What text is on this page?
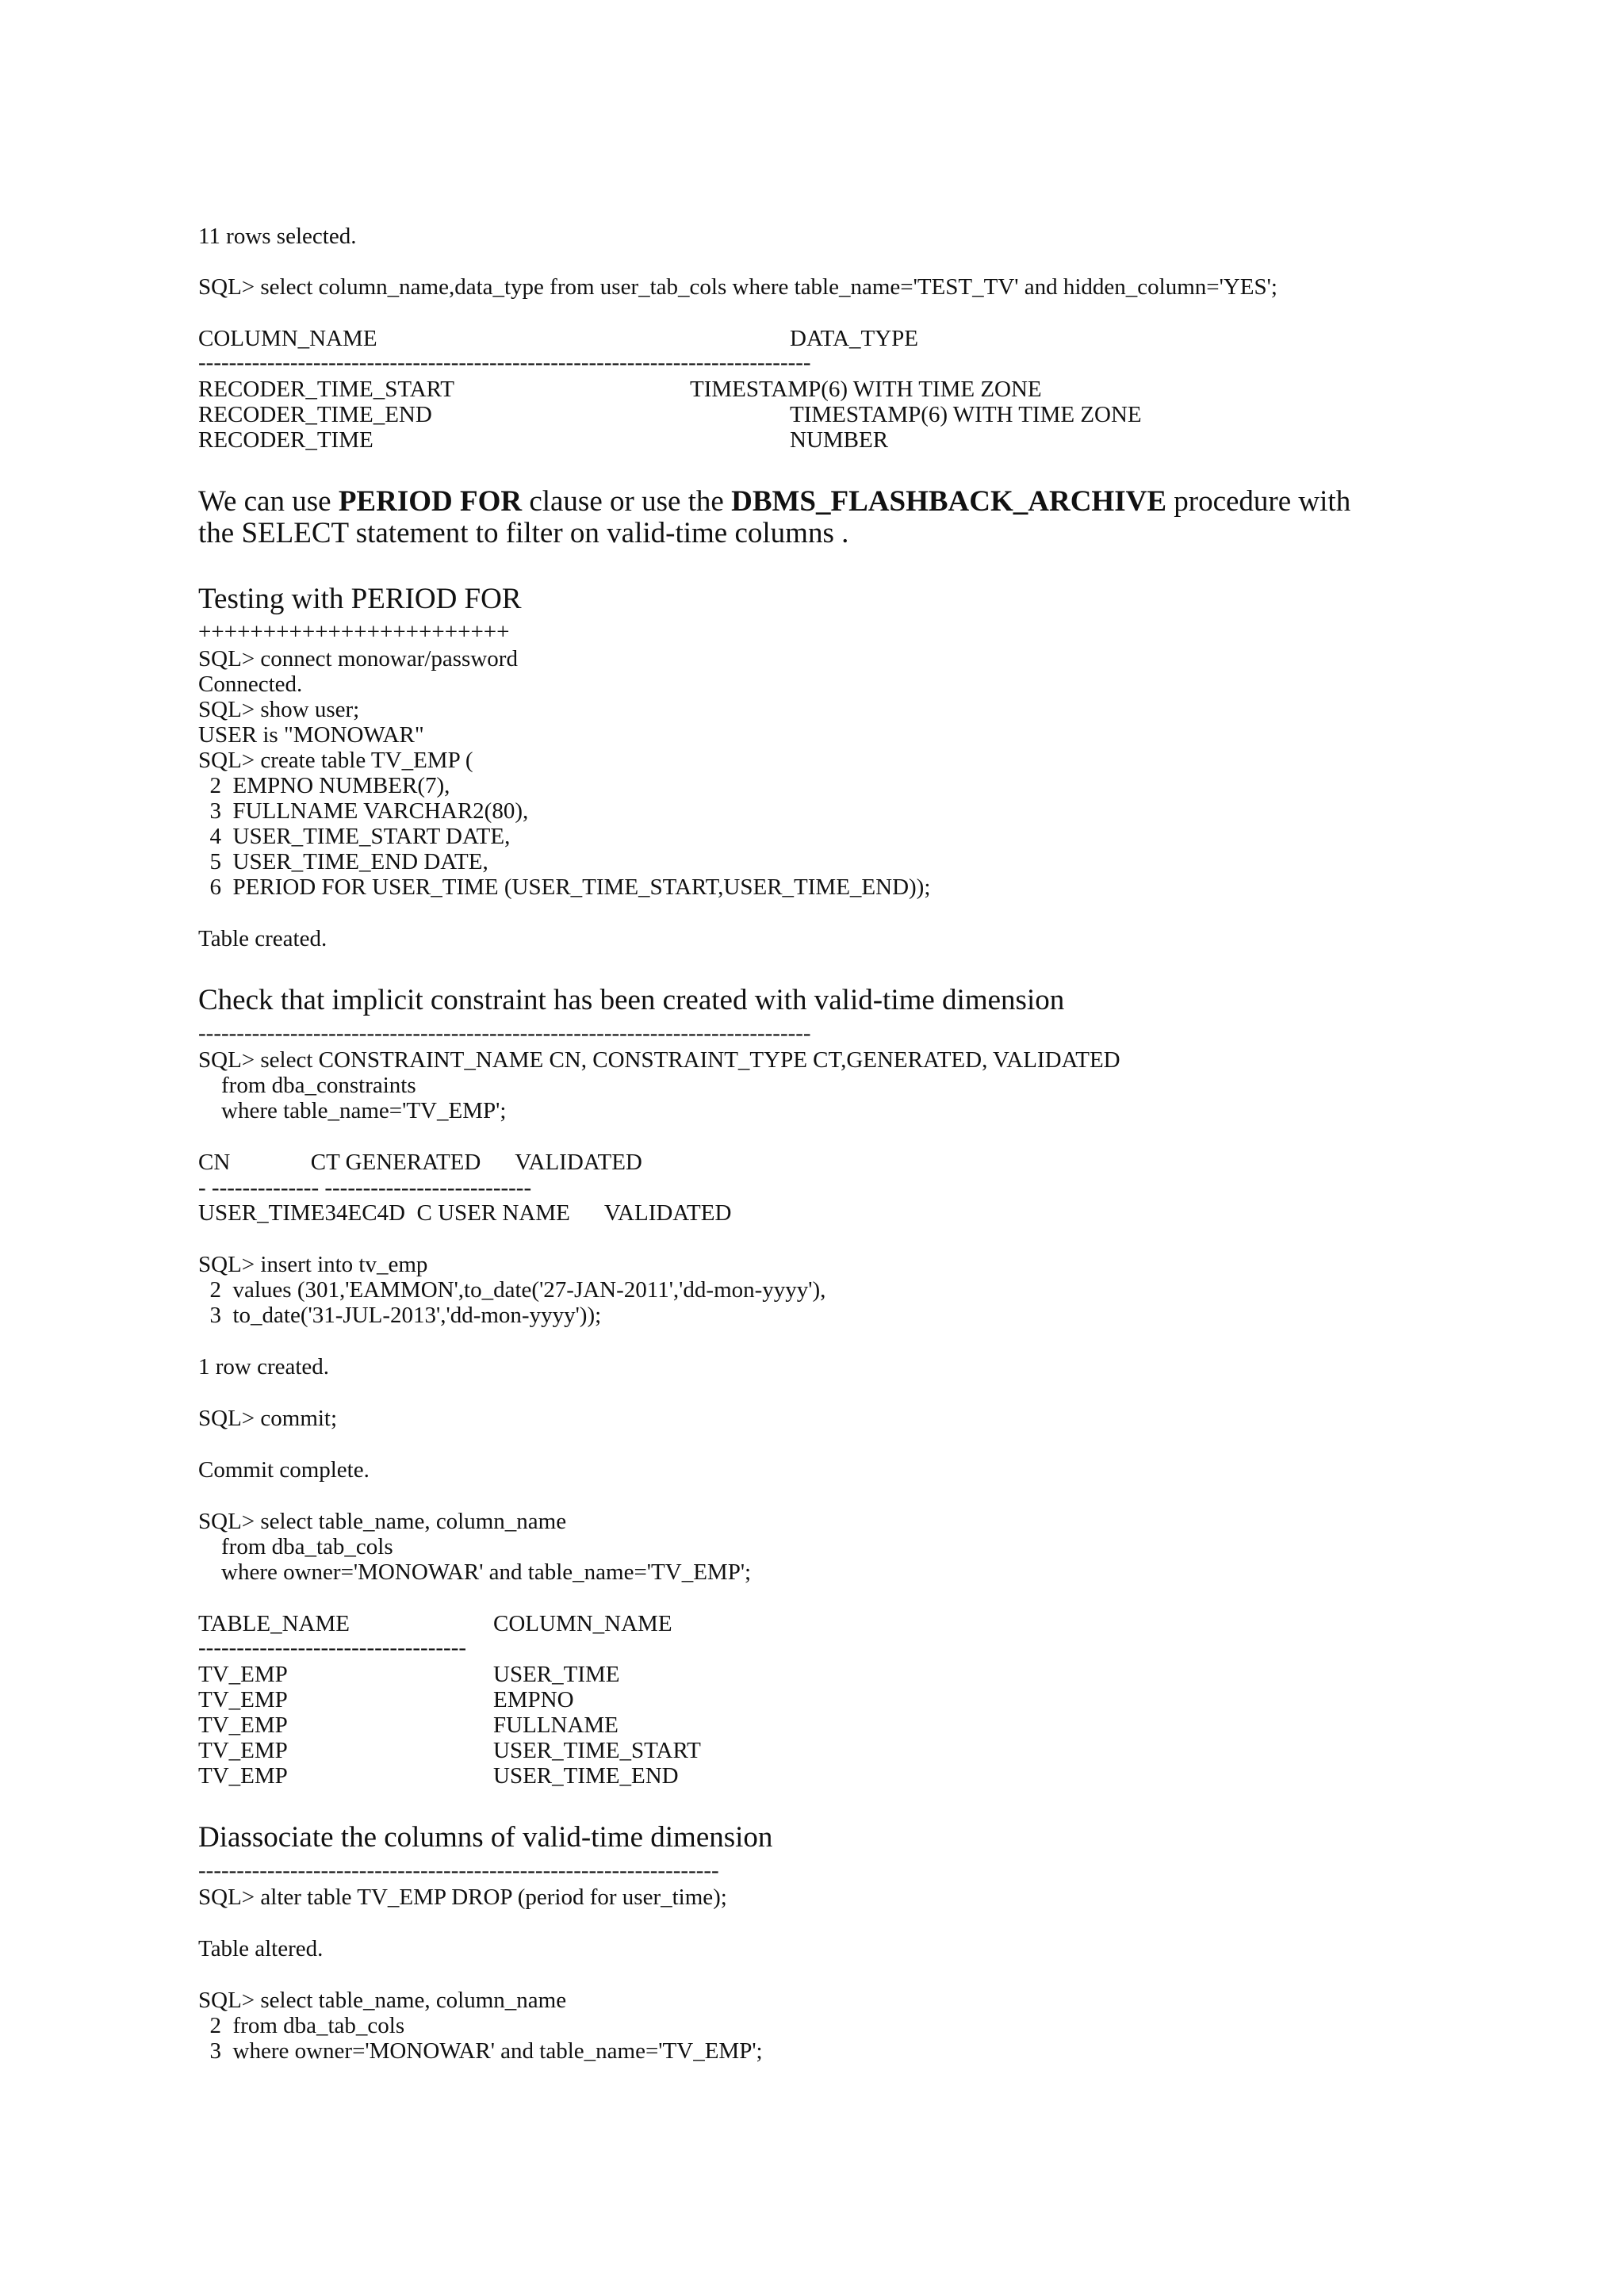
11 rows selected.

SQL> select column_name,data_type from user_tab_cols where table_name='TEST_TV' and hidden_column='YES';

COLUMN_NAME	DATA_TYPE

--------------------------------------------------------------------------------

RECODER_TIME_START	TIMESTAMP(6) WITH TIME ZONE

RECODER_TIME_END	TIMESTAMP(6) WITH TIME ZONE

RECODER_TIME	NUMBER

We can use PERIOD FOR clause or use the DBMS_FLASHBACK_ARCHIVE procedure with

the SELECT statement to filter on valid-time columns .

Testing with PERIOD FOR

++++++++++++++++++++++++

SQL> connect monowar/password

Connected.

SQL> show user;

USER is "MONOWAR"

SQL> create table TV_EMP (

2  EMPNO NUMBER(7),

3  FULLNAME VARCHAR2(80),

4  USER_TIME_START DATE,

5  USER_TIME_END DATE,

6  PERIOD FOR USER_TIME (USER_TIME_START,USER_TIME_END));

Table created.

Check that implicit constraint has been created with valid-time dimension

--------------------------------------------------------------------------------

SQL> select CONSTRAINT_NAME CN, CONSTRAINT_TYPE CT,GENERATED, VALIDATED

from dba_constraints

where table_name='TV_EMP';

CN              CT GENERATED      VALIDATED

- -------------- ---------------------------

USER_TIME34EC4D  C USER NAME      VALIDATED

SQL> insert into tv_emp

2  values (301,'EAMMON',to_date('27-JAN-2011','dd-mon-yyyy'),

3  to_date('31-JUL-2013','dd-mon-yyyy'));

1 row created.

SQL> commit;

Commit complete.

SQL> select table_name, column_name

from dba_tab_cols

where owner='MONOWAR' and table_name='TV_EMP';

TABLE_NAME	COLUMN_NAME

-----------------------------------

TV_EMP	USER_TIME

TV_EMP	EMPNO

TV_EMP	FULLNAME

TV_EMP	USER_TIME_START

TV_EMP	USER_TIME_END

Diassociate the columns of valid-time dimension

--------------------------------------------------------------------

SQL> alter table TV_EMP DROP (period for user_time);

Table altered.

SQL> select table_name, column_name

2  from dba_tab_cols

3  where owner='MONOWAR' and table_name='TV_EMP';
